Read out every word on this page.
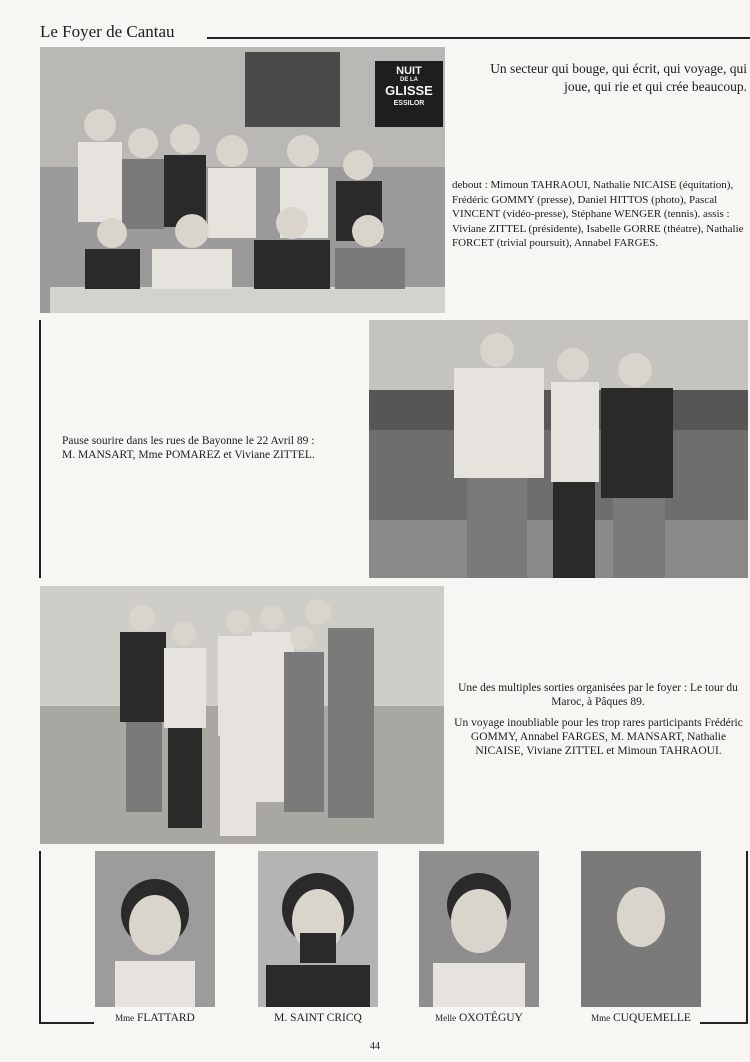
Le Foyer de Cantau
NUIT
DE LA
GLISSE
ESSILOR
Un secteur qui bouge, qui écrit, qui voyage, qui joue, qui rie et qui crée beaucoup.
debout : Mimoun TAHRAOUI, Nathalie NICAISE (équitation), Frédéric GOMMY (presse), Daniel HITTOS (photo), Pascal VINCENT (vidéo-presse), Stéphane WENGER (tennis). assis : Viviane ZITTEL (présidente), Isabelle GORRE (théatre), Nathalie FORCET (trivial poursuit), Annabel FARGES.

Pause sourire dans les rues de Bayonne le 22 Avril 89 :

M. MANSART, Mme POMAREZ et Viviane ZITTEL.

Une des multiples sorties organisées par le foyer : Le tour du Maroc, à Pâques 89.
Un voyage inoubliable pour les trop rares participants Frédéric GOMMY, Annabel FARGES, M. MANSART, Nathalie NICAISE, Viviane ZITTEL et Mimoun TAHRAOUI.
Mme FLATTARD	M. SAINT CRICQ	Melle OXOTÉGUY	Mme CUQUEMELLE
44
